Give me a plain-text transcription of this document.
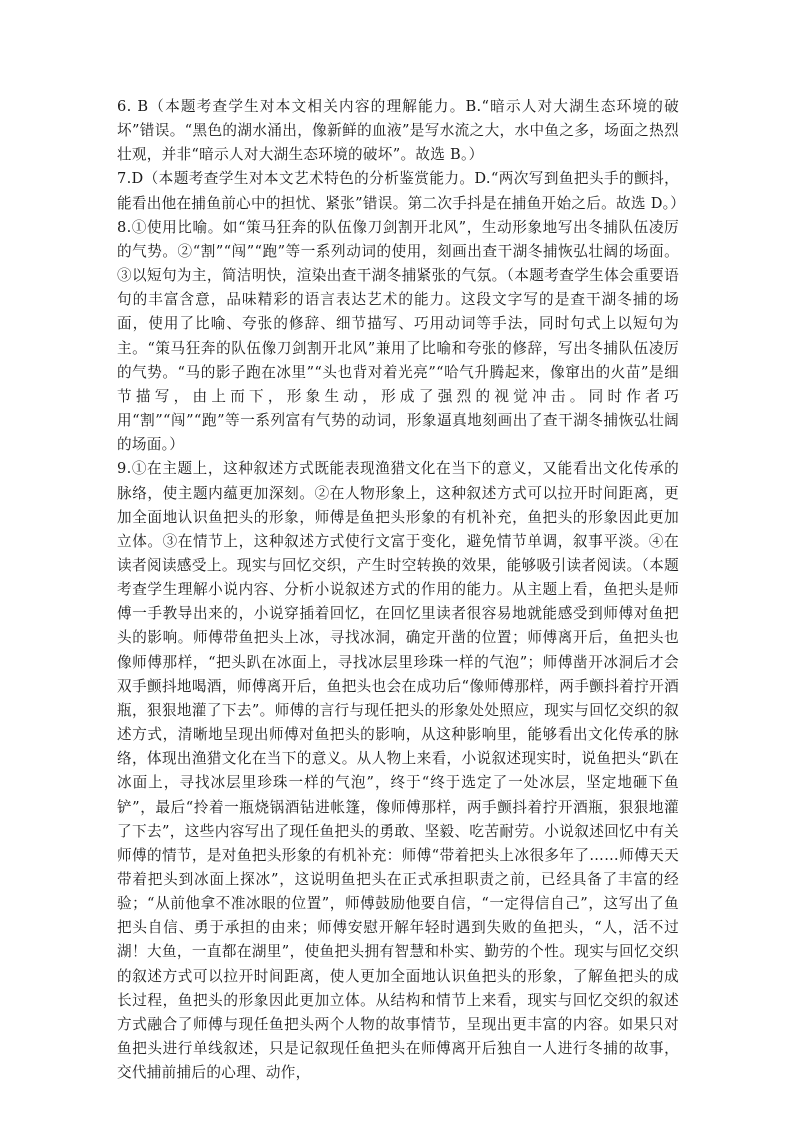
6. B（本题考查学生对本文相关内容的理解能力。B.“暗示人对大湖生态环境的破坏”错误。“黑色的湖水涌出，像新鲜的血液”是写水流之大，水中鱼之多，场面之热烈壮观，并非“暗示人对大湖生态环境的破坏”。故选 B。）

7.D（本题考查学生对本文艺术特色的分析鉴赏能力。D.“两次写到鱼把头手的颤抖，能看出他在捕鱼前心中的担忧、紧张”错误。第二次手抖是在捕鱼开始之后。故选 D。）

8.①使用比喻。如“策马狂奔的队伍像刀剑割开北风”，生动形象地写出冬捕队伍凌厉的气势。②“割”“闯”“跑”等一系列动词的使用，刻画出查干湖冬捕恢弘壮阔的场面。③以短句为主，简洁明快，渲染出查干湖冬捕紧张的气氛。（本题考查学生体会重要语句的丰富含意，品味精彩的语言表达艺术的能力。这段文字写的是查干湖冬捕的场面，使用了比喻、夸张的修辞、细节描写、巧用动词等手法，同时句式上以短句为主。“策马狂奔的队伍像刀剑割开北风”兼用了比喻和夸张的修辞，写出冬捕队伍凌厉的气势。“马的影子跑在冰里”“头也背对着光亮”“哈气升腾起来，像窜出的火苗”是细节描写，由上而下，形象生动，形成了强烈的视觉冲击。同时作者巧用“割”“闯”“跑”等一系列富有气势的动词，形象逼真地刻画出了查干湖冬捕恢弘壮阔的场面。）

9.①在主题上，这种叙述方式既能表现渔猎文化在当下的意义，又能看出文化传承的脉络，使主题内蕴更加深刻。②在人物形象上，这种叙述方式可以拉开时间距离，更加全面地认识鱼把头的形象，师傅是鱼把头形象的有机补充，鱼把头的形象因此更加立体。③在情节上，这种叙述方式使行文富于变化，避免情节单调，叙事平淡。④在读者阅读感受上。现实与回忆交织，产生时空转换的效果，能够吸引读者阅读。（本题考查学生理解小说内容、分析小说叙述方式的作用的能力。从主题上看，鱼把头是师傅一手教导出来的，小说穿插着回忆，在回忆里读者很容易地就能感受到师傅对鱼把头的影响。师傅带鱼把头上冰，寻找冰洞，确定开凿的位置；师傅离开后，鱼把头也像师傅那样，“把头趴在冰面上，寻找冰层里珍珠一样的气泡”；师傅凿开冰洞后才会双手颤抖地喝酒，师傅离开后，鱼把头也会在成功后“像师傅那样，两手颤抖着拧开酒瓶，狠狠地灌了下去”。师傅的言行与现任把头的形象处处照应，现实与回忆交织的叙述方式，清晰地呈现出师傅对鱼把头的影响，从这种影响里，能够看出文化传承的脉络，体现出渔猎文化在当下的意义。从人物上来看，小说叙述现实时，说鱼把头“趴在冰面上，寻找冰层里珍珠一样的气泡”，终于“终于选定了一处冰层，坚定地砸下鱼铲”，最后“拎着一瓶烧锅酒钻进帐篷，像师傅那样，两手颤抖着拧开酒瓶，狠狠地灌了下去”，这些内容写出了现任鱼把头的勇敢、坚毅、吃苦耐劳。小说叙述回忆中有关师傅的情节，是对鱼把头形象的有机补充：师傅“带着把头上冰很多年了……师傅天天带着把头到冰面上探冰”，这说明鱼把头在正式承担职责之前，已经具备了丰富的经验；“从前他拿不准冰眼的位置”，师傅鼓励他要自信，“一定得信自己”，这写出了鱼把头自信、勇于承担的由来；师傅安慰开解年轻时遇到失败的鱼把头，“人，活不过湖！大鱼，一直都在湖里”，使鱼把头拥有智慧和朴实、勤劳的个性。现实与回忆交织的叙述方式可以拉开时间距离，使人更加全面地认识鱼把头的形象，了解鱼把头的成长过程，鱼把头的形象因此更加立体。从结构和情节上来看，现实与回忆交织的叙述方式融合了师傅与现任鱼把头两个人物的故事情节，呈现出更丰富的内容。如果只对鱼把头进行单线叙述，只是记叙现任鱼把头在师傅离开后独自一人进行冬捕的故事，交代捕前捕后的心理、动作，
